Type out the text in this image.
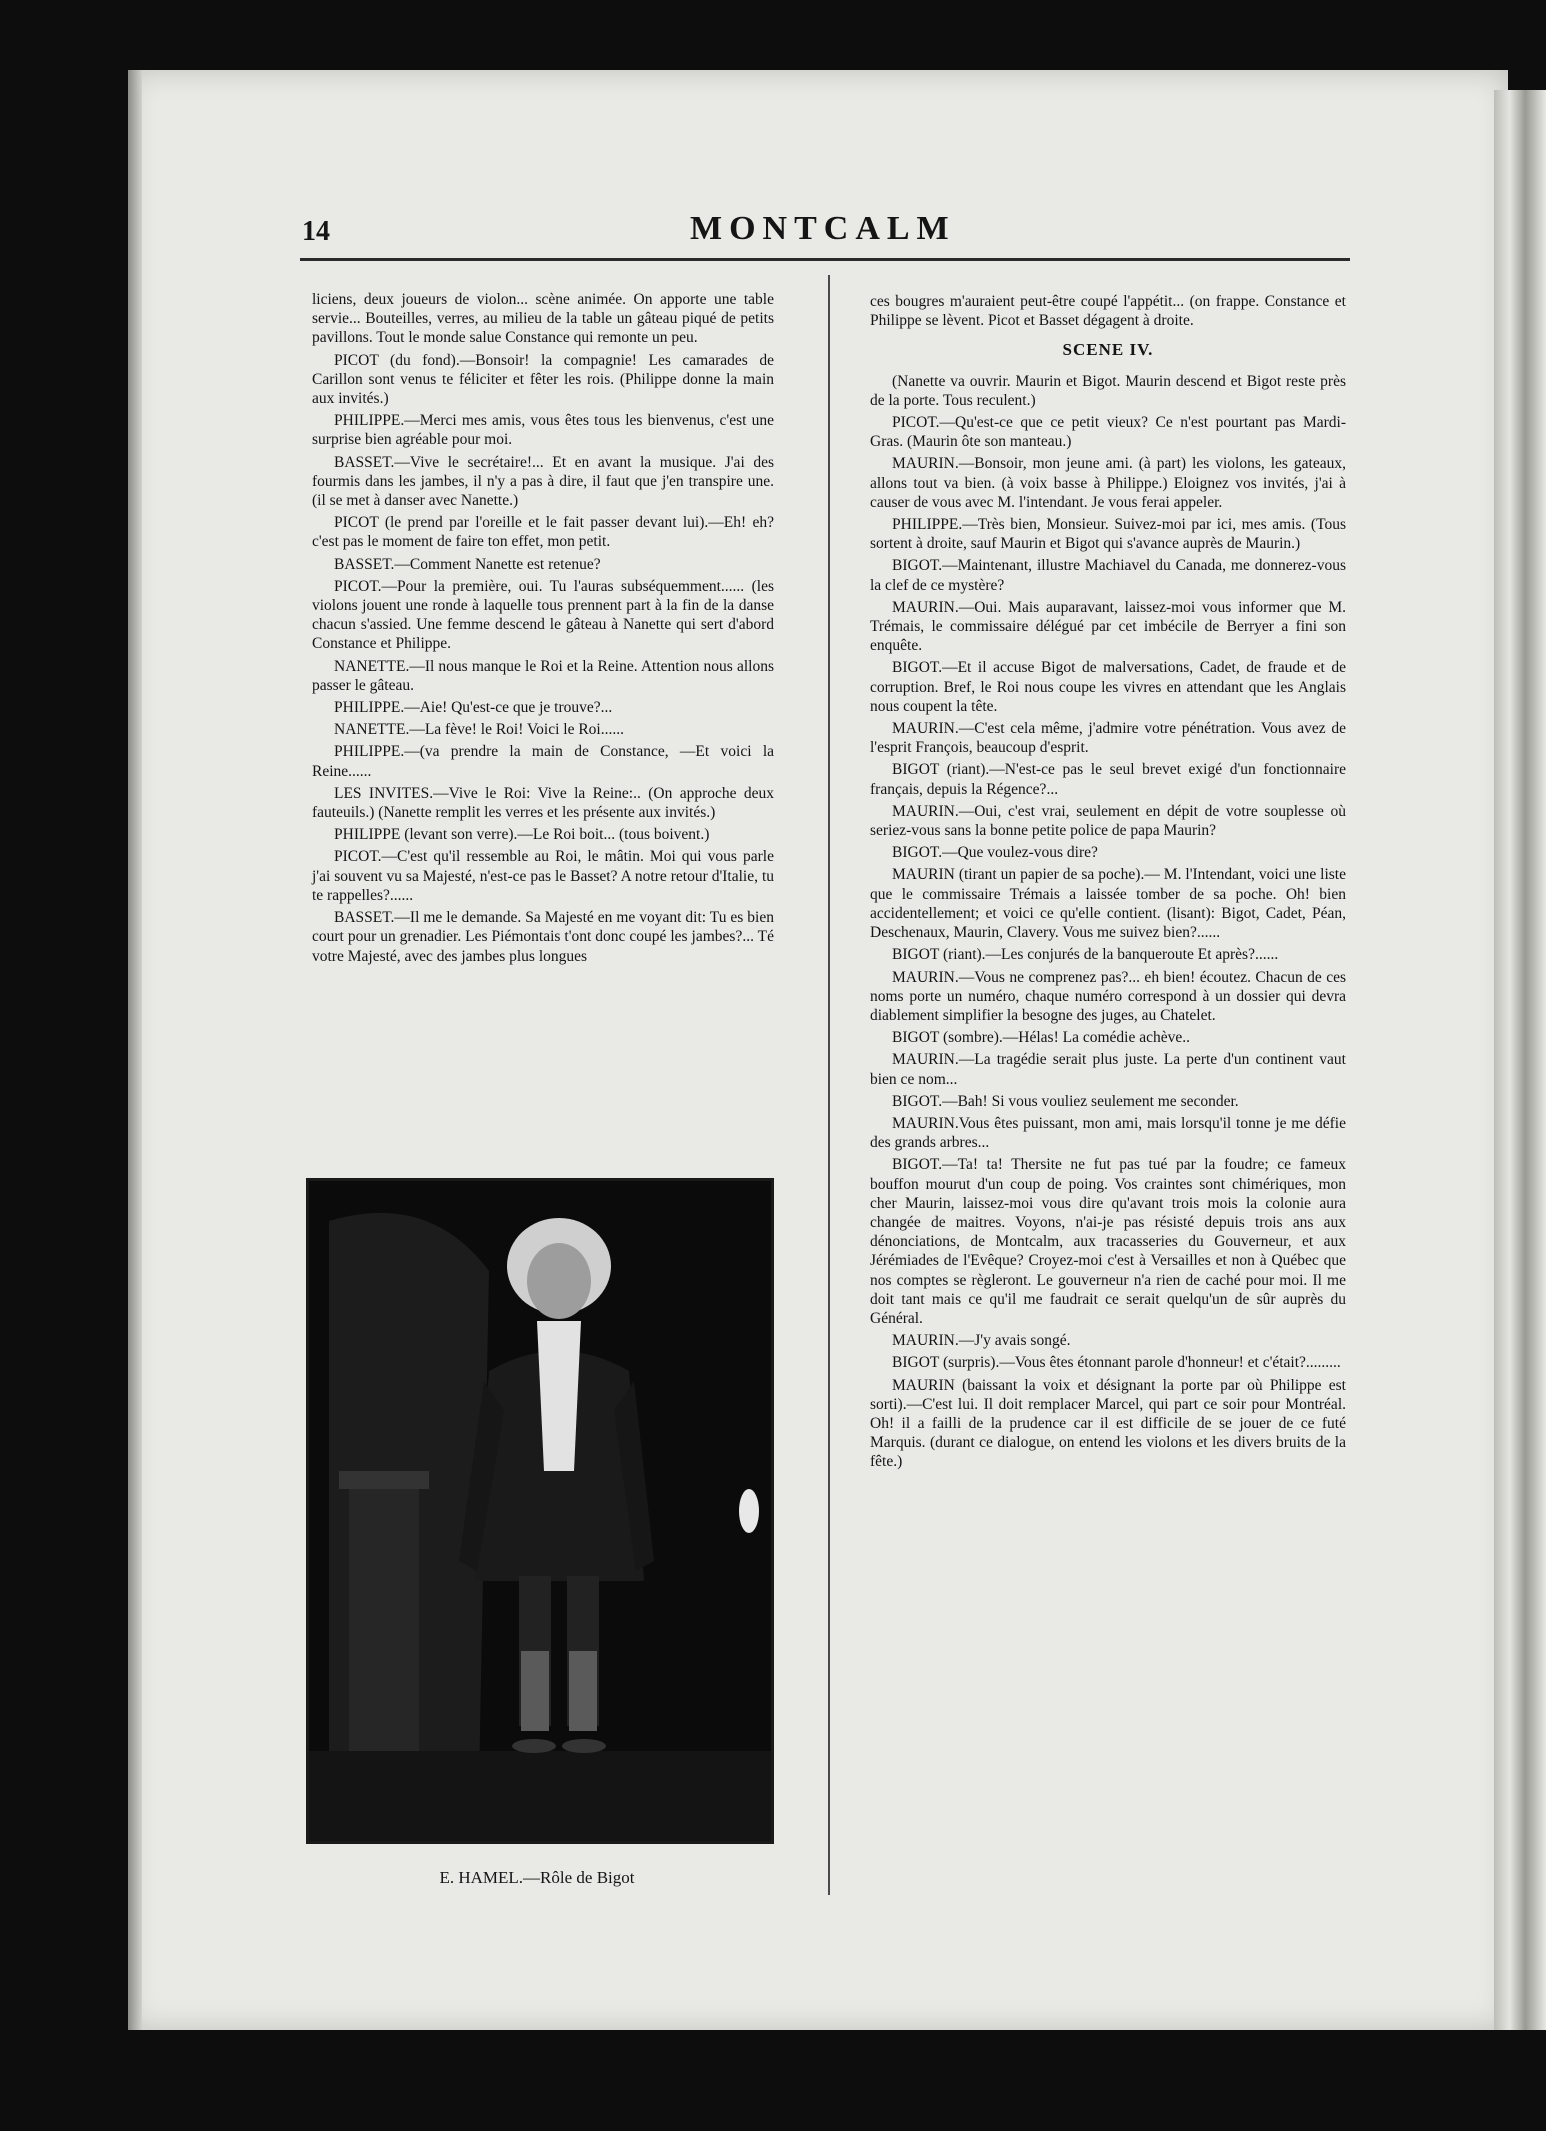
14	MONTCALM

liciens, deux joueurs de violon... scène animée. On apporte une table servie... Bouteilles, verres, au milieu de la table un gâteau piqué de petits pavillons. Tout le monde salue Constance qui remonte un peu.

PICOT (du fond).—Bonsoir! la compagnie! Les camarades de Carillon sont venus te féliciter et fêter les rois. (Philippe donne la main aux invités.)

PHILIPPE.—Merci mes amis, vous êtes tous les bienvenus, c'est une surprise bien agréable pour moi.

BASSET.—Vive le secrétaire!... Et en avant la musique. J'ai des fourmis dans les jambes, il n'y a pas à dire, il faut que j'en transpire une. (il se met à danser avec Nanette.)

PICOT (le prend par l'oreille et le fait passer devant lui).—Eh! eh? c'est pas le moment de faire ton effet, mon petit.

BASSET.—Comment Nanette est retenue?

PICOT.—Pour la première, oui. Tu l'auras subséquemment...... (les violons jouent une ronde à laquelle tous prennent part à la fin de la danse chacun s'assied. Une femme descend le gâteau à Nanette qui sert d'abord Constance et Philippe.

NANETTE.—Il nous manque le Roi et la Reine. Attention nous allons passer le gâteau.

PHILIPPE.—Aie! Qu'est-ce que je trouve?...

NANETTE.—La fève! le Roi! Voici le Roi......

PHILIPPE.—(va prendre la main de Constance, —Et voici la Reine......

LES INVITES.—Vive le Roi: Vive la Reine:.. (On approche deux fauteuils.) (Nanette remplit les verres et les présente aux invités.)

PHILIPPE (levant son verre).—Le Roi boit... (tous boivent.)

PICOT.—C'est qu'il ressemble au Roi, le mâtin. Moi qui vous parle j'ai souvent vu sa Majesté, n'est-ce pas le Basset? A notre retour d'Italie, tu te rappelles?......

BASSET.—Il me le demande. Sa Majesté en me voyant dit: Tu es bien court pour un grenadier. Les Piémontais t'ont donc coupé les jambes?... Té votre Majesté, avec des jambes plus longues

E. HAMEL.—Rôle de Bigot

ces bougres m'auraient peut-être coupé l'appétit... (on frappe. Constance et Philippe se lèvent. Picot et Basset dégagent à droite.

SCENE IV.

(Nanette va ouvrir. Maurin et Bigot. Maurin descend et Bigot reste près de la porte. Tous reculent.)

PICOT.—Qu'est-ce que ce petit vieux? Ce n'est pourtant pas Mardi-Gras. (Maurin ôte son manteau.)

MAURIN.—Bonsoir, mon jeune ami. (à part) les violons, les gateaux, allons tout va bien. (à voix basse à Philippe.) Eloignez vos invités, j'ai à causer de vous avec M. l'intendant. Je vous ferai appeler.

PHILIPPE.—Très bien, Monsieur. Suivez-moi par ici, mes amis. (Tous sortent à droite, sauf Maurin et Bigot qui s'avance auprès de Maurin.)

BIGOT.—Maintenant, illustre Machiavel du Canada, me donnerez-vous la clef de ce mystère?

MAURIN.—Oui. Mais auparavant, laissez-moi vous informer que M. Trémais, le commissaire délégué par cet imbécile de Berryer a fini son enquête.

BIGOT.—Et il accuse Bigot de malversations, Cadet, de fraude et de corruption. Bref, le Roi nous coupe les vivres en attendant que les Anglais nous coupent la tête.

MAURIN.—C'est cela même, j'admire votre pénétration. Vous avez de l'esprit François, beaucoup d'esprit.

BIGOT (riant).—N'est-ce pas le seul brevet exigé d'un fonctionnaire français, depuis la Régence?...

MAURIN.—Oui, c'est vrai, seulement en dépit de votre souplesse où seriez-vous sans la bonne petite police de papa Maurin?

BIGOT.—Que voulez-vous dire?

MAURIN (tirant un papier de sa poche).— M. l'Intendant, voici une liste que le commissaire Trémais a laissée tomber de sa poche. Oh! bien accidentellement; et voici ce qu'elle contient. (lisant): Bigot, Cadet, Péan, Deschenaux, Maurin, Clavery. Vous me suivez bien?......

BIGOT (riant).—Les conjurés de la banqueroute Et après?......

MAURIN.—Vous ne comprenez pas?... eh bien! écoutez. Chacun de ces noms porte un numéro, chaque numéro correspond à un dossier qui devra diablement simplifier la besogne des juges, au Chatelet.

BIGOT (sombre).—Hélas! La comédie achève..

MAURIN.—La tragédie serait plus juste. La perte d'un continent vaut bien ce nom...

BIGOT.—Bah! Si vous vouliez seulement me seconder.

MAURIN.Vous êtes puissant, mon ami, mais lorsqu'il tonne je me défie des grands arbres...

BIGOT.—Ta! ta! Thersite ne fut pas tué par la foudre; ce fameux bouffon mourut d'un coup de poing. Vos craintes sont chimériques, mon cher Maurin, laissez-moi vous dire qu'avant trois mois la colonie aura changée de maitres. Voyons, n'ai-je pas résisté depuis trois ans aux dénonciations, de Montcalm, aux tracasseries du Gouverneur, et aux Jérémiades de l'Evêque? Croyez-moi c'est à Versailles et non à Québec que nos comptes se règleront. Le gouverneur n'a rien de caché pour moi. Il me doit tant mais ce qu'il me faudrait ce serait quelqu'un de sûr auprès du Général.

MAURIN.—J'y avais songé.

BIGOT (surpris).—Vous êtes étonnant parole d'honneur! et c'était?.........

MAURIN (baissant la voix et désignant la porte par où Philippe est sorti).—C'est lui. Il doit remplacer Marcel, qui part ce soir pour Montréal. Oh! il a failli de la prudence car il est difficile de se jouer de ce futé Marquis. (durant ce dialogue, on entend les violons et les divers bruits de la fête.)
